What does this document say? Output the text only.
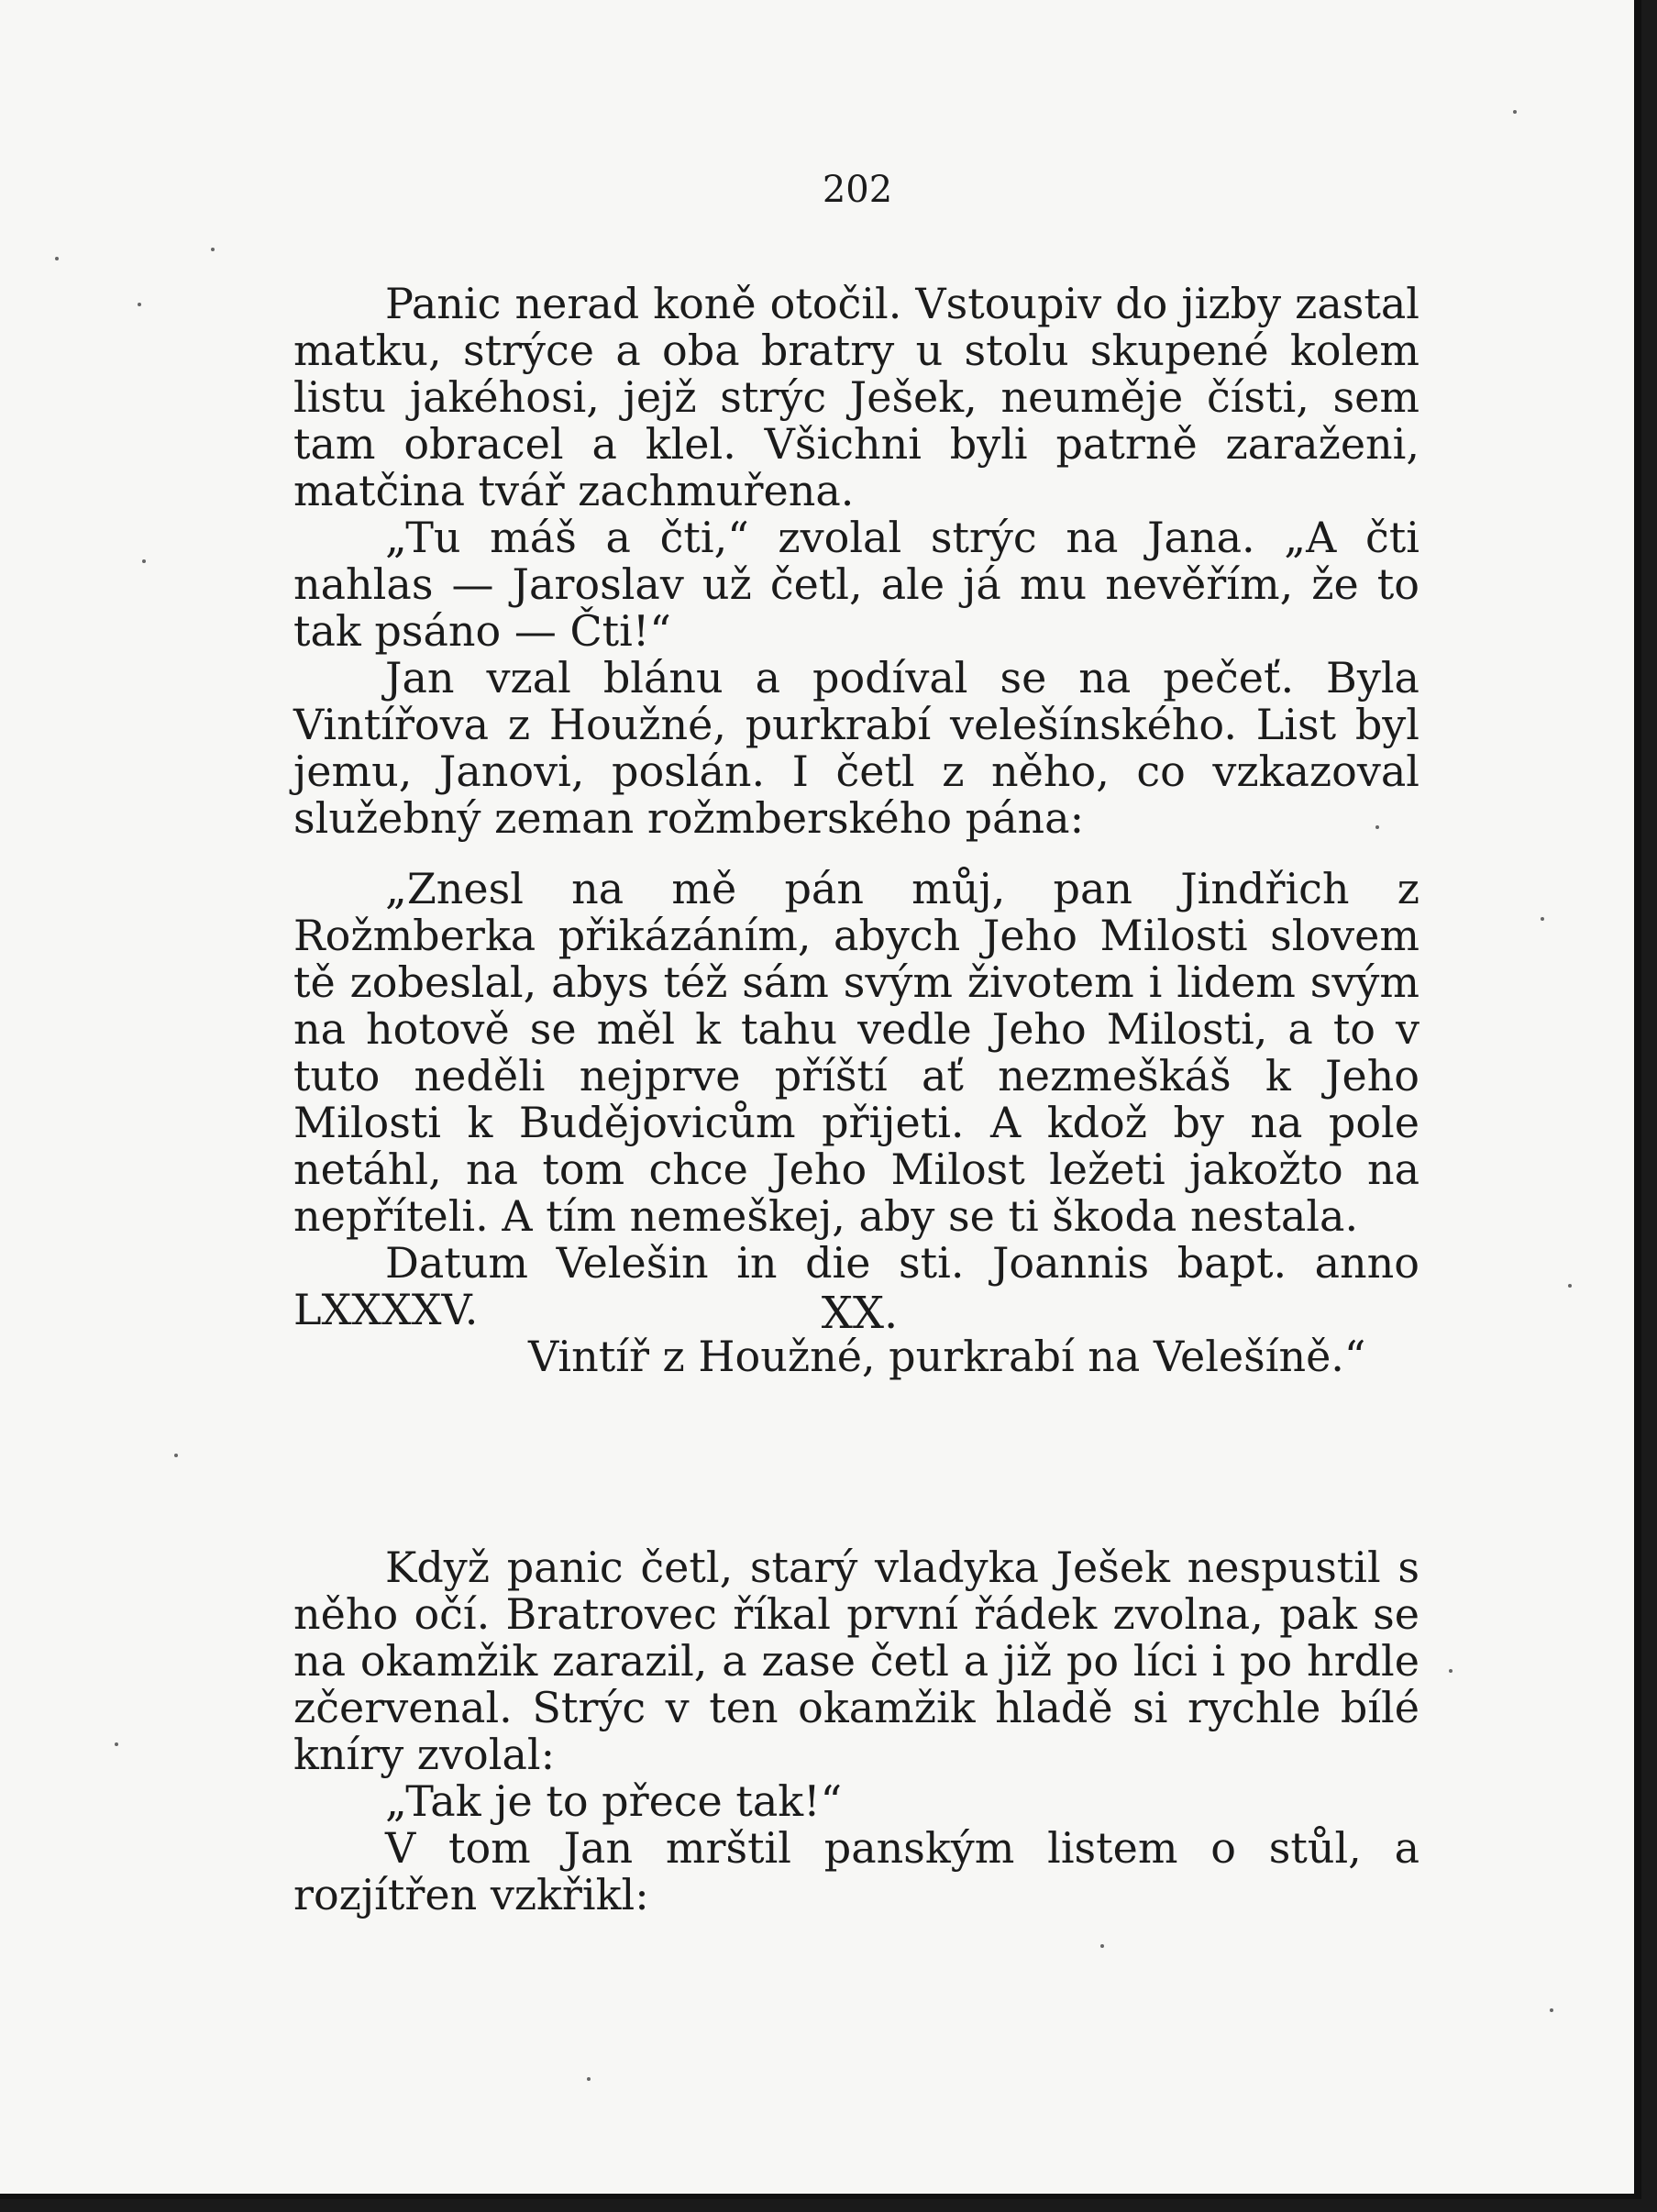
202

Panic nerad koně otočil. Vstoupiv do jizby zastal matku, strýce a oba bratry u stolu skupené kolem listu jakéhosi, jejž strýc Ješek, neuměje čísti, sem tam obracel a klel. Všichni byli patrně zaraženi, matčina tvář zachmuřena.

„Tu máš a čti,“ zvolal strýc na Jana. „A čti nahlas — Jaroslav už četl, ale já mu nevěřím, že to tak psáno — Čti!“

Jan vzal blánu a podíval se na pečeť. Byla Vintířova z Houžné, purkrabí velešínského. List byl jemu, Janovi, poslán. I četl z něho, co vzkazoval služebný zeman rožmberského pána:

„Znesl na mě pán můj, pan Jindřich z Rožmberka přikázáním, abych Jeho Milosti slovem tě zobeslal, abys též sám svým životem i lidem svým na hotově se měl k tahu vedle Jeho Milosti, a to v tuto neděli nejprve příští ať nezmeškáš k Jeho Milosti k Budějovicům přijeti. A kdož by na pole netáhl, na tom chce Jeho Milost ležeti jakožto na nepříteli. A tím nemeškej, aby se ti škoda nestala.

Datum Velešin in die sti. Joannis bapt. anno LXXXXV.

Vintíř z Houžné, purkrabí na Velešíně.“

XX.

Když panic četl, starý vladyka Ješek nespustil s něho očí. Bratrovec říkal první řádek zvolna, pak se na okamžik zarazil, a zase četl a již po líci i po hrdle zčervenal. Strýc v ten okamžik hladě si rychle bílé kníry zvolal:

„Tak je to přece tak!“

V tom Jan mrštil panským listem o stůl, a rozjítřen vzkřikl:
